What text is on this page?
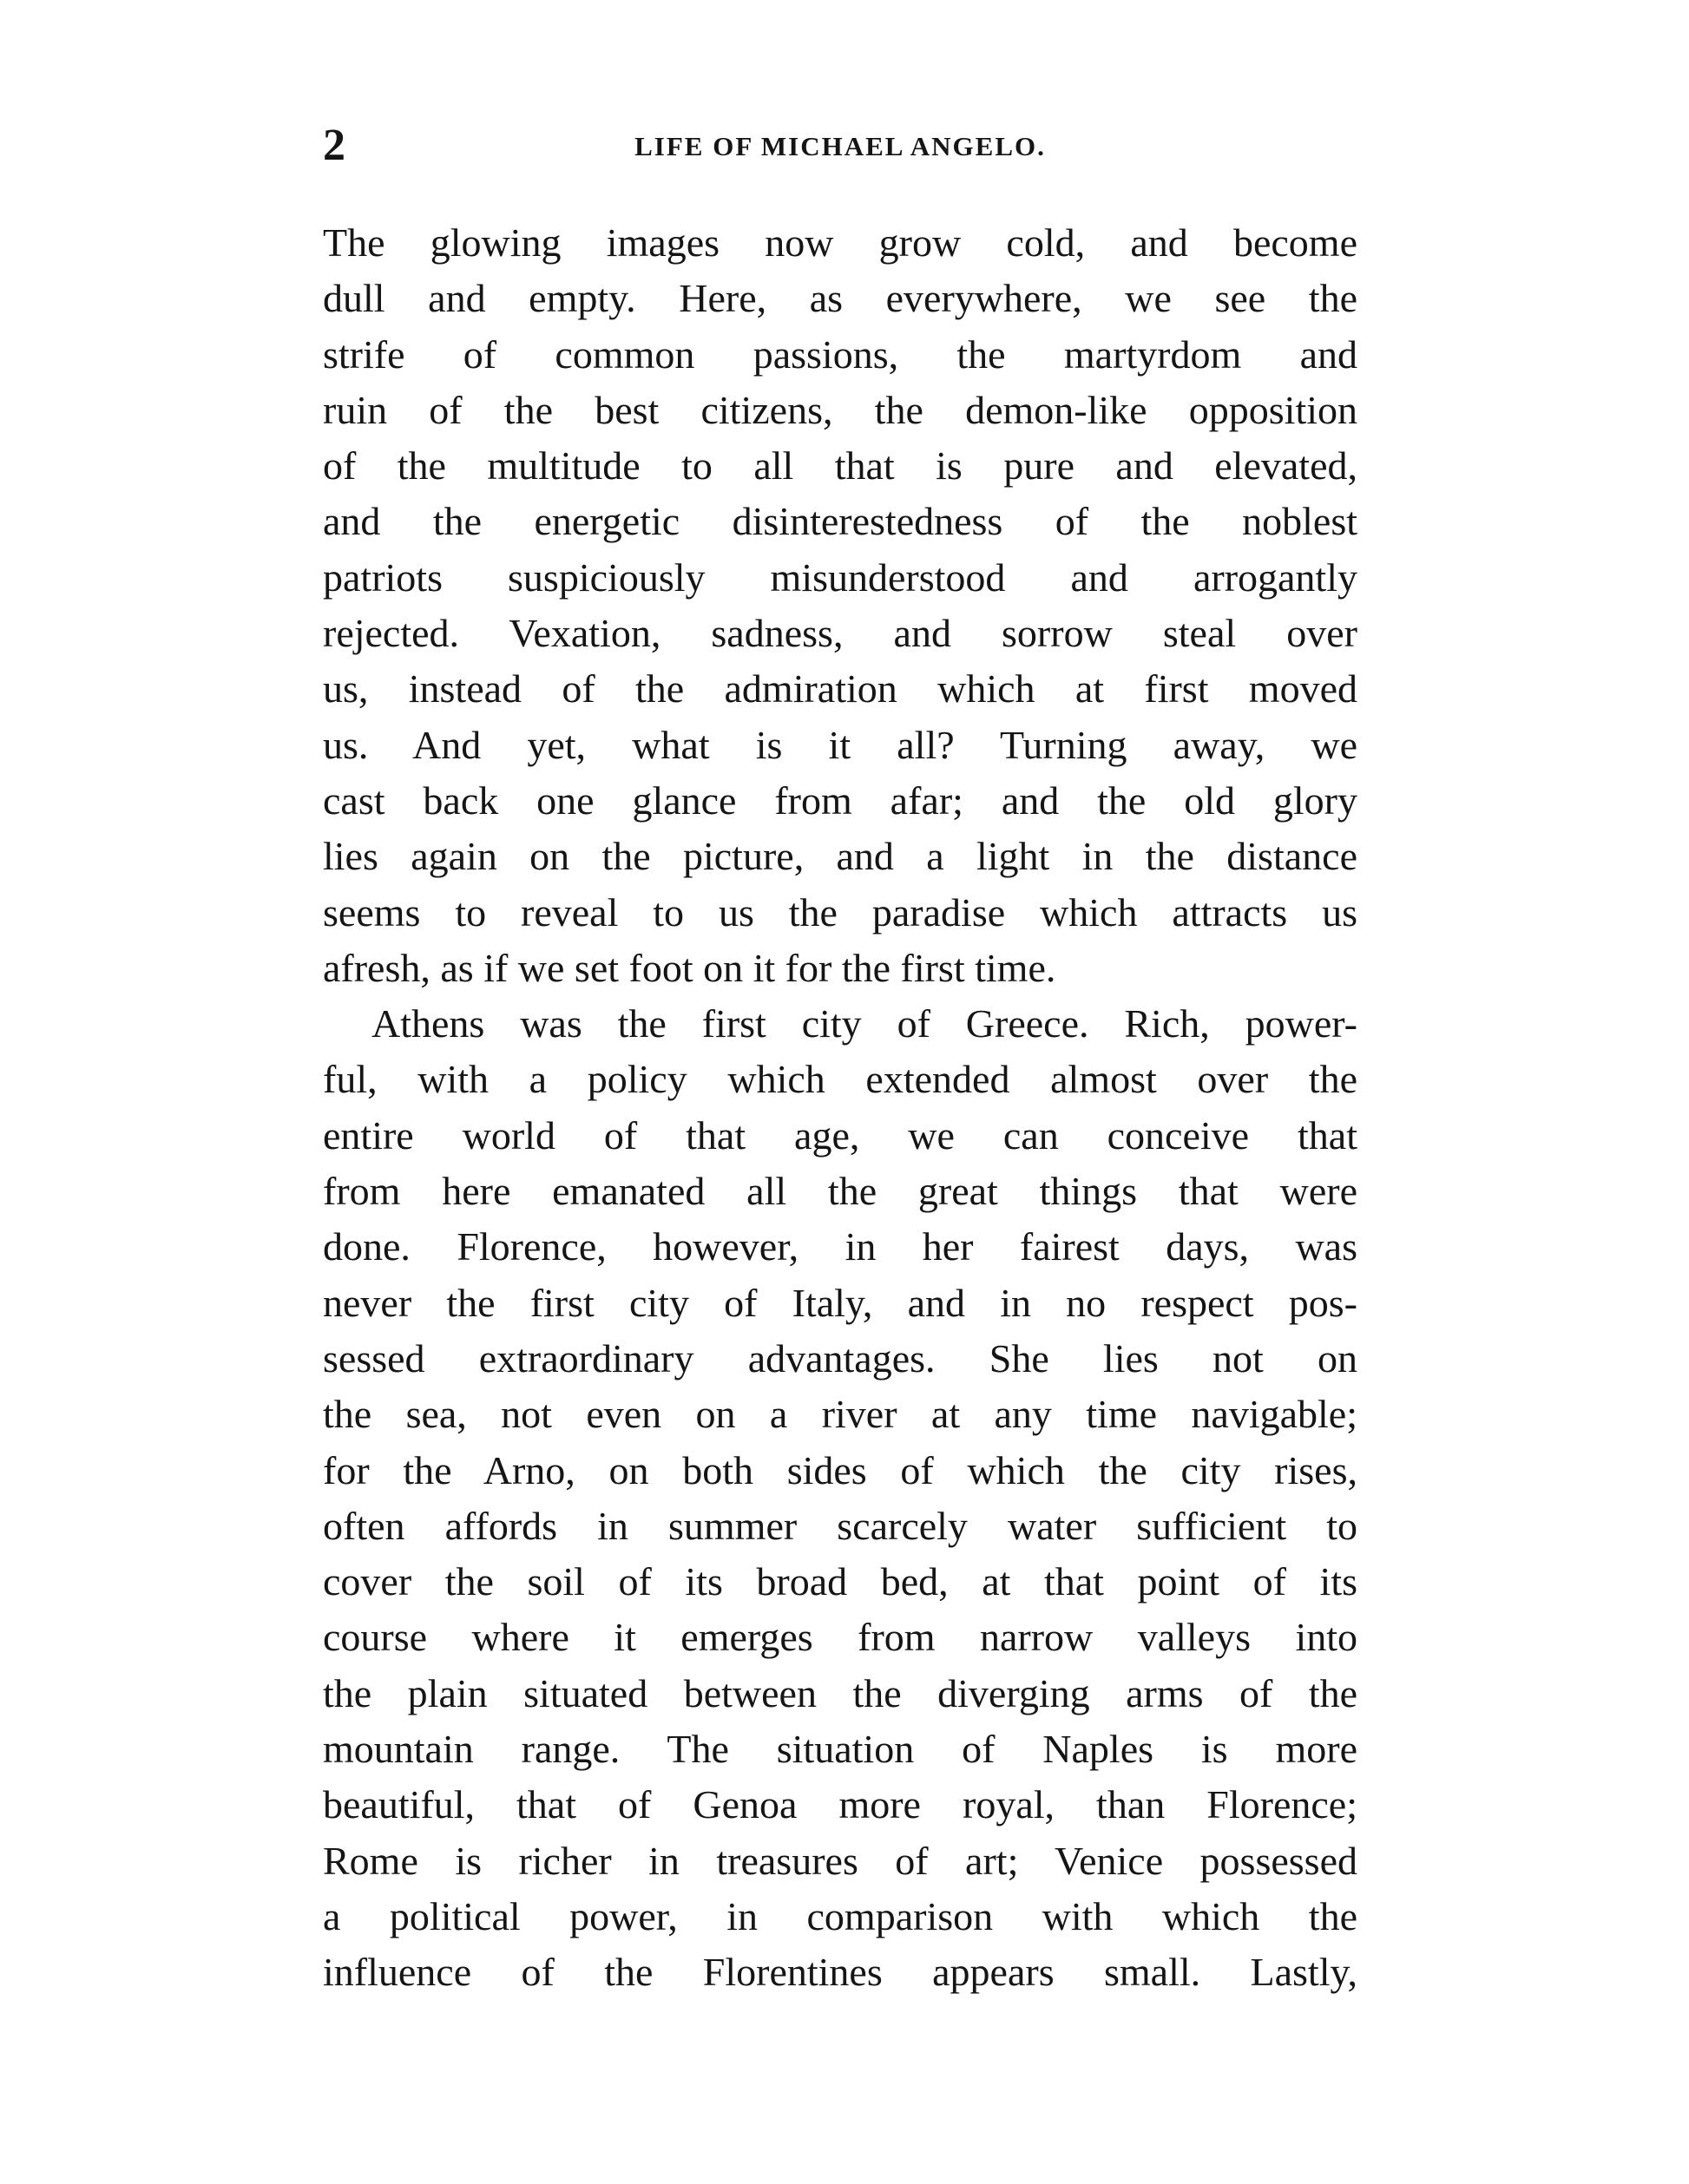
2	LIFE OF MICHAEL ANGELO.
The glowing images now grow cold, and become
dull and empty. Here, as everywhere, we see the
strife of common passions, the martyrdom and
ruin of the best citizens, the demon-like opposition
of the multitude to all that is pure and elevated,
and the energetic disinterestedness of the noblest
patriots suspiciously misunderstood and arrogantly
rejected. Vexation, sadness, and sorrow steal over
us, instead of the admiration which at first moved
us. And yet, what is it all? Turning away, we
cast back one glance from afar; and the old glory
lies again on the picture, and a light in the distance
seems to reveal to us the paradise which attracts us
afresh, as if we set foot on it for the first time.
Athens was the first city of Greece. Rich, power-
ful, with a policy which extended almost over the
entire world of that age, we can conceive that
from here emanated all the great things that were
done. Florence, however, in her fairest days, was
never the first city of Italy, and in no respect pos-
sessed extraordinary advantages. She lies not on
the sea, not even on a river at any time navigable;
for the Arno, on both sides of which the city rises,
often affords in summer scarcely water sufficient to
cover the soil of its broad bed, at that point of its
course where it emerges from narrow valleys into
the plain situated between the diverging arms of the
mountain range. The situation of Naples is more
beautiful, that of Genoa more royal, than Florence;
Rome is richer in treasures of art; Venice possessed
a political power, in comparison with which the
influence of the Florentines appears small. Lastly,
